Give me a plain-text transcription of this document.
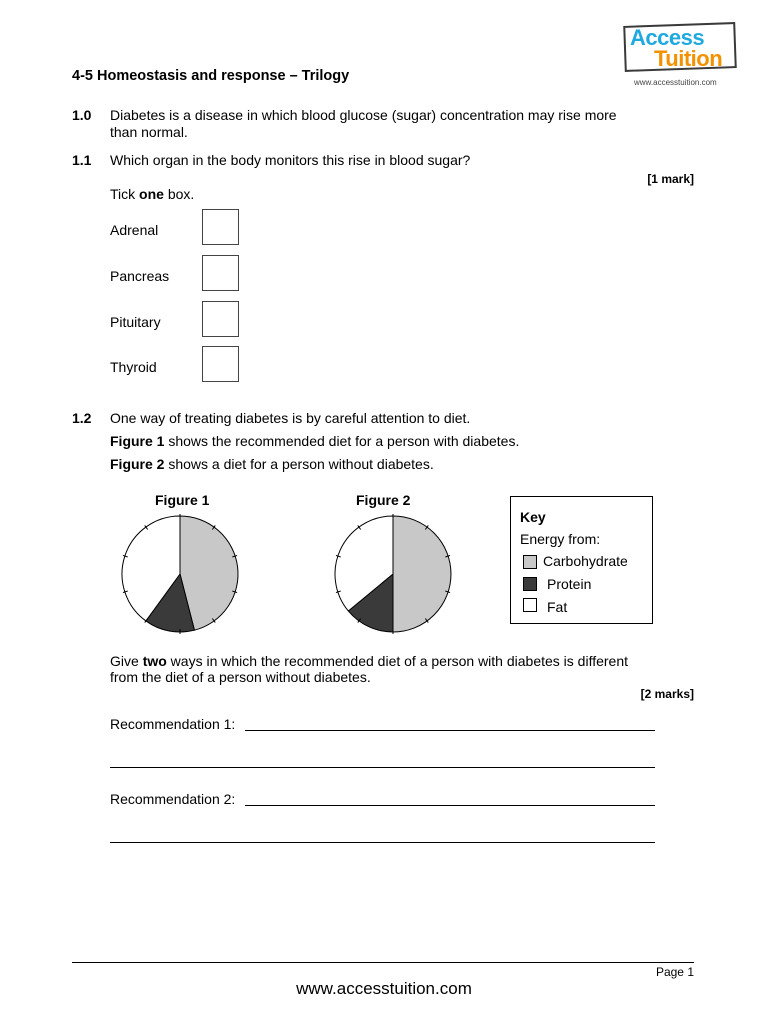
Access
Tuition
www.accesstuition.com
4-5 Homeostasis and response – Trilogy
1.0 Diabetes is a disease in which blood glucose (sugar) concentration may rise more
than normal.
1.1 Which organ in the body monitors this rise in blood sugar?
[1 mark]
Tick one box.
Adrenal
Pancreas
Pituitary
Thyroid
1.2 One way of treating diabetes is by careful attention to diet.
Figure 1 shows the recommended diet for a person with diabetes.
Figure 2 shows a diet for a person without diabetes.
Figure 1	Figure 2
Key
Energy from:
Carbohydrate
Protein
Fat
Give two ways in which the recommended diet of a person with diabetes is different
from the diet of a person without diabetes.
[2 marks]
Recommendation 1:
Recommendation 2:
Page 1
www.accesstuition.com
